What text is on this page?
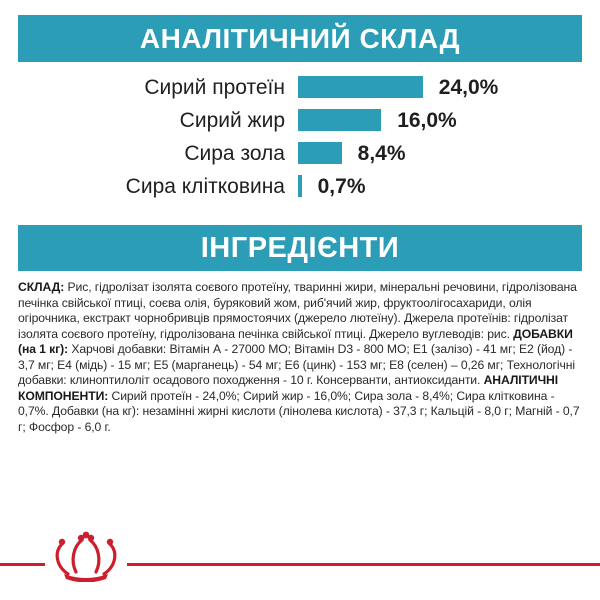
АНАЛІТИЧНИЙ СКЛАД
Сирий протеїн	24,0%
Сирий жир	16,0%
Сира зола	8,4%
Сира клітковина 0,7%
ІНГРЕДІЄНТИ
СКЛАД: Рис, гідролізат ізолята соєвого протеїну, тваринні жири, мінеральні речовини, гідролізована печінка свійської птиці, соєва олія, буряковий жом, риб'ячий жир, фруктоолігосахариди, олія огірочника, екстракт чорнобривців прямостоячих (джерело лютеїну). Джерела протеїнів: гідролізат ізолята соєвого протеїну, гідролізована печінка свійської птиці. Джерело вуглеводів: рис. ДОБАВКИ (на 1 кг): Харчові добавки: Вітамін А - 27000 МО; Вітамін D3 - 800 МО; Е1 (залізо) - 41 мг; Е2 (йод) - 3,7 мг; Е4 (мідь) - 15 мг; Е5 (марганець) - 54 мг; Е6 (цинк) - 153 мг; Е8 (селен) – 0,26 мг; Технологічні добавки: клиноптилоліт осадового походження - 10 г. Консерванти, антиоксиданти. АНАЛІТИЧНІ КОМПОНЕНТИ: Сирий протеїн - 24,0%; Сирий жир - 16,0%; Сира зола - 8,4%; Сира клітковина - 0,7%. Добавки (на кг): незамінні жирні кислоти (лінолева кислота) - 37,3 г; Кальцій - 8,0 г; Магній - 0,7 г; Фосфор - 6,0 г.
